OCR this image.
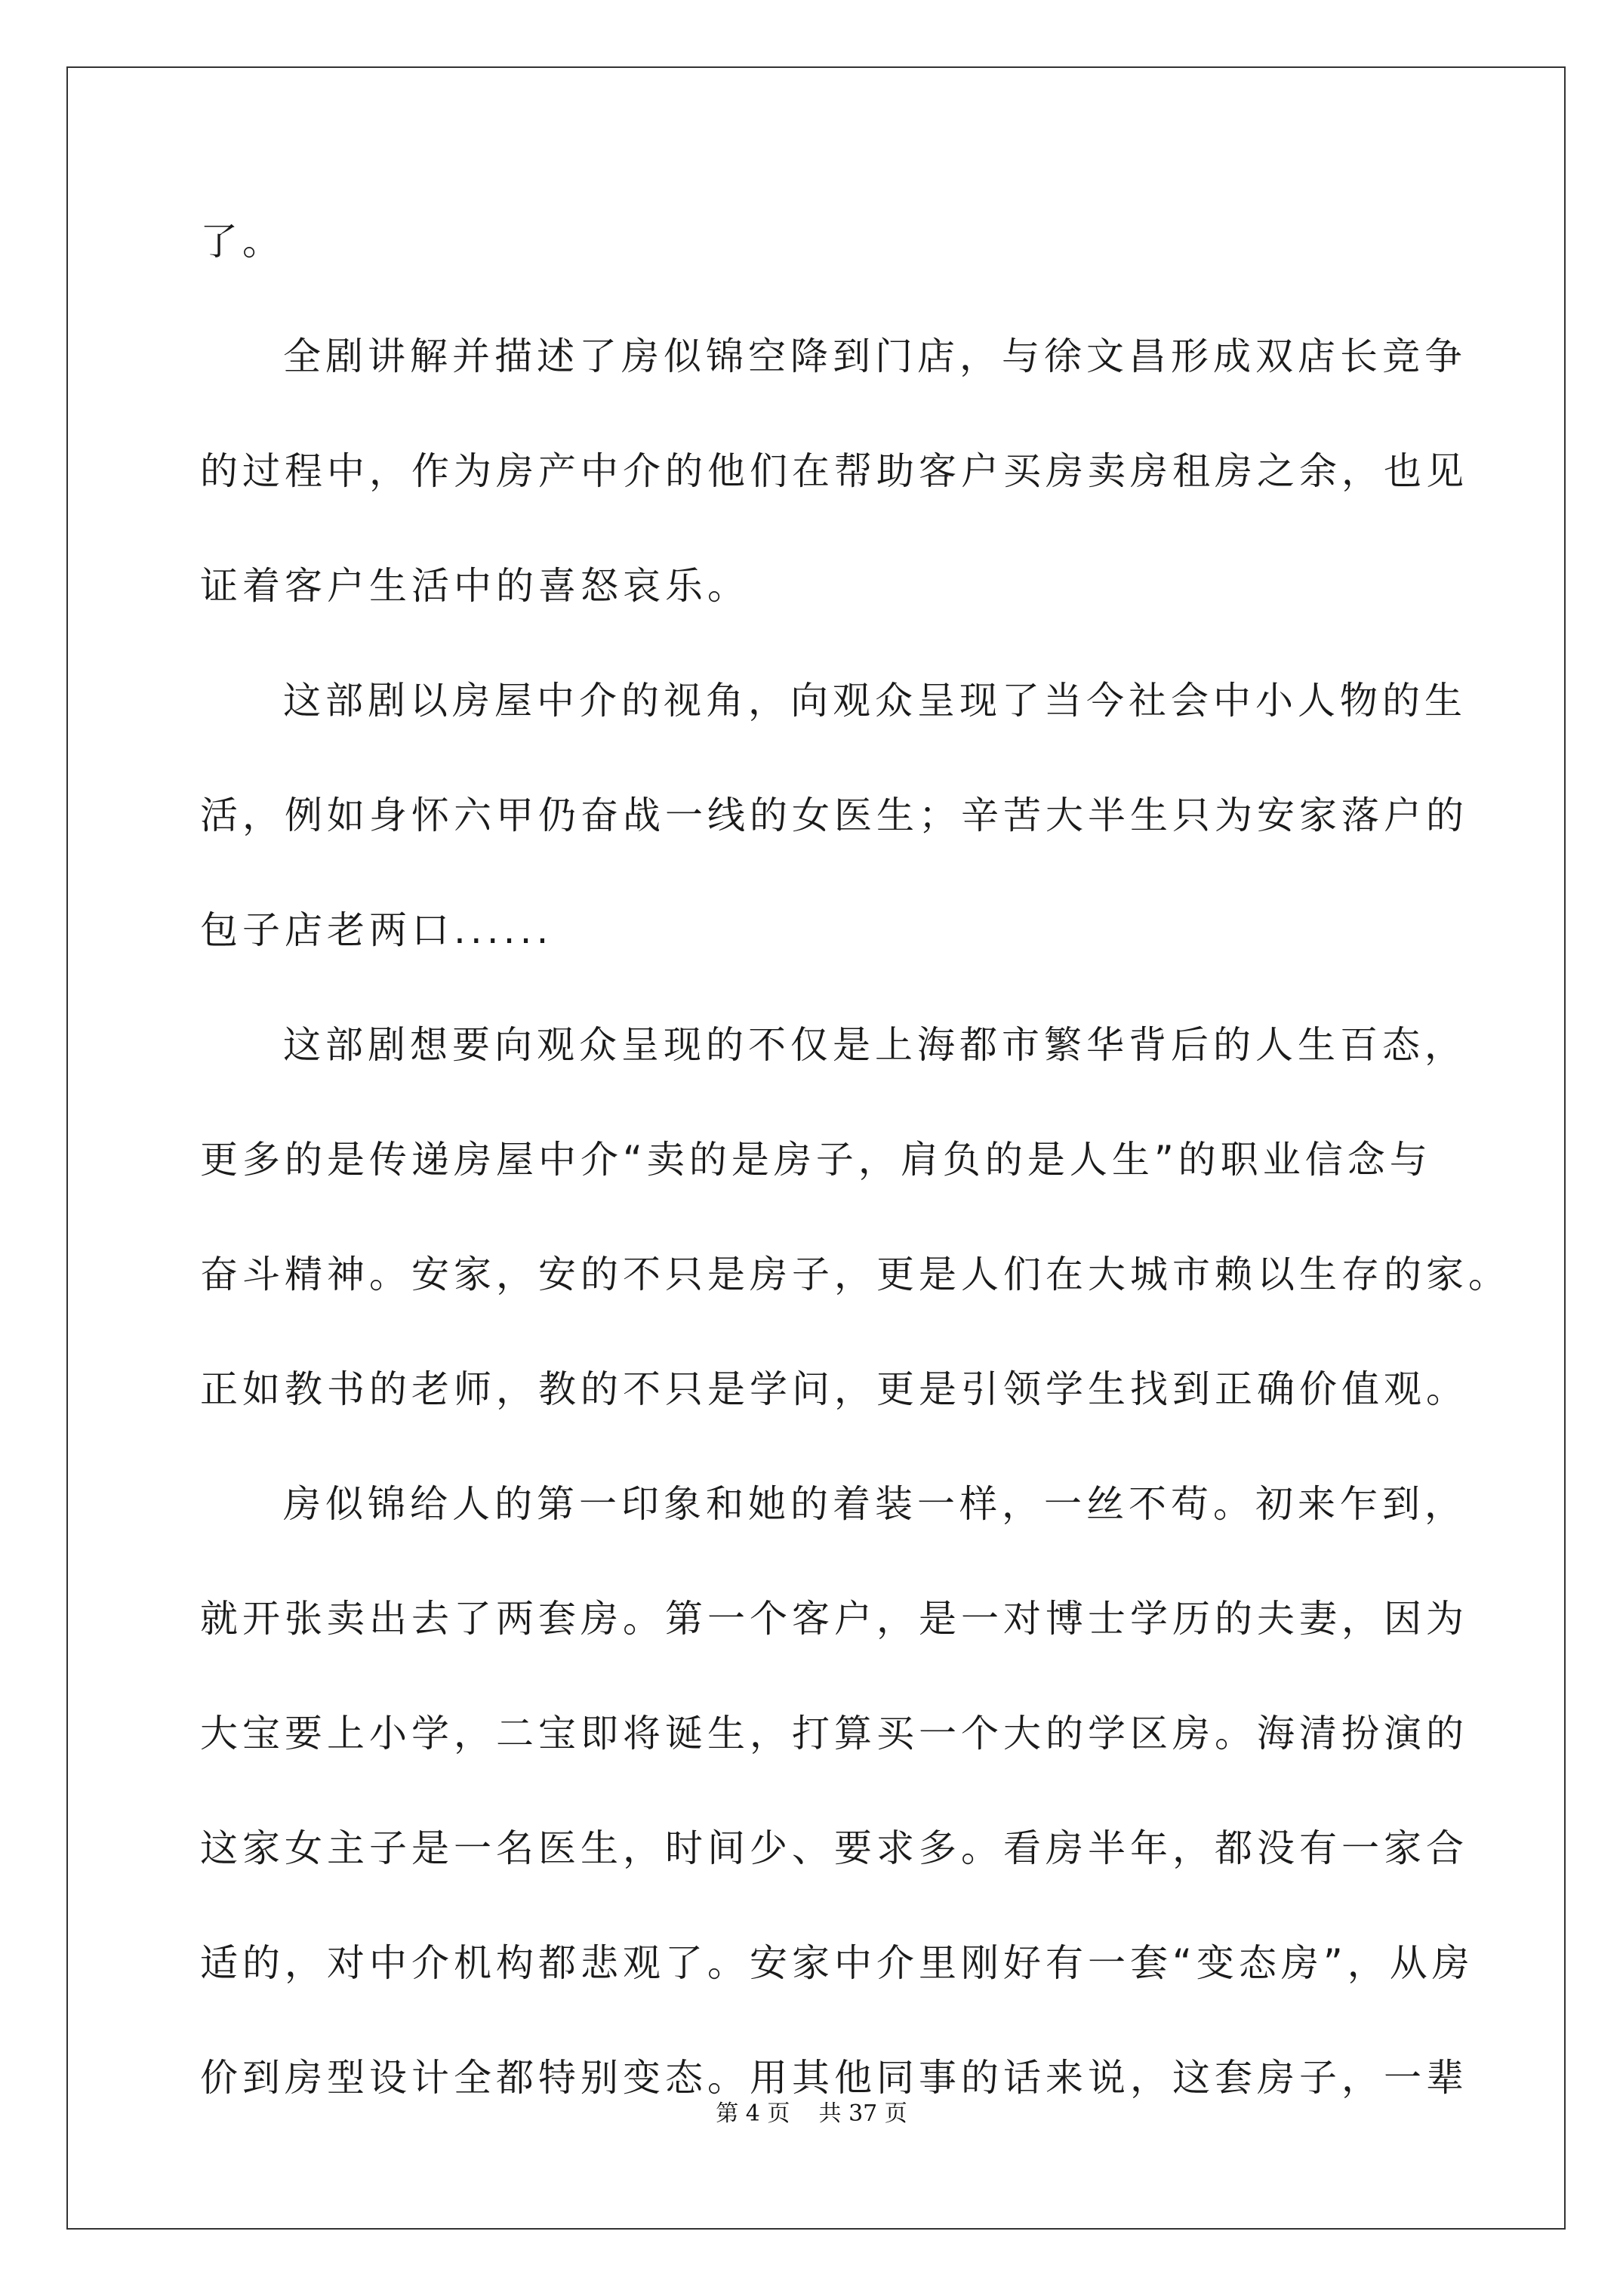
了。
全剧讲解并描述了房似锦空降到门店，与徐文昌形成双店长竞争
的过程中，作为房产中介的他们在帮助客户买房卖房租房之余，也见
证着客户生活中的喜怒哀乐。
这部剧以房屋中介的视角，向观众呈现了当今社会中小人物的生
活，例如身怀六甲仍奋战一线的女医生；辛苦大半生只为安家落户的
包子店老两口......
这部剧想要向观众呈现的不仅是上海都市繁华背后的人生百态，
更多的是传递房屋中介“卖的是房子，肩负的是人生”的职业信念与
奋斗精神。安家，安的不只是房子，更是人们在大城市赖以生存的家。
正如教书的老师，教的不只是学问，更是引领学生找到正确价值观。
房似锦给人的第一印象和她的着装一样，一丝不苟。初来乍到，
就开张卖出去了两套房。第一个客户，是一对博士学历的夫妻，因为
大宝要上小学，二宝即将诞生，打算买一个大的学区房。海清扮演的
这家女主子是一名医生，时间少、要求多。看房半年，都没有一家合
适的，对中介机构都悲观了。安家中介里刚好有一套“变态房”，从房
价到房型设计全都特别变态。用其他同事的话来说，这套房子，一辈
第 4 页 共 37 页
